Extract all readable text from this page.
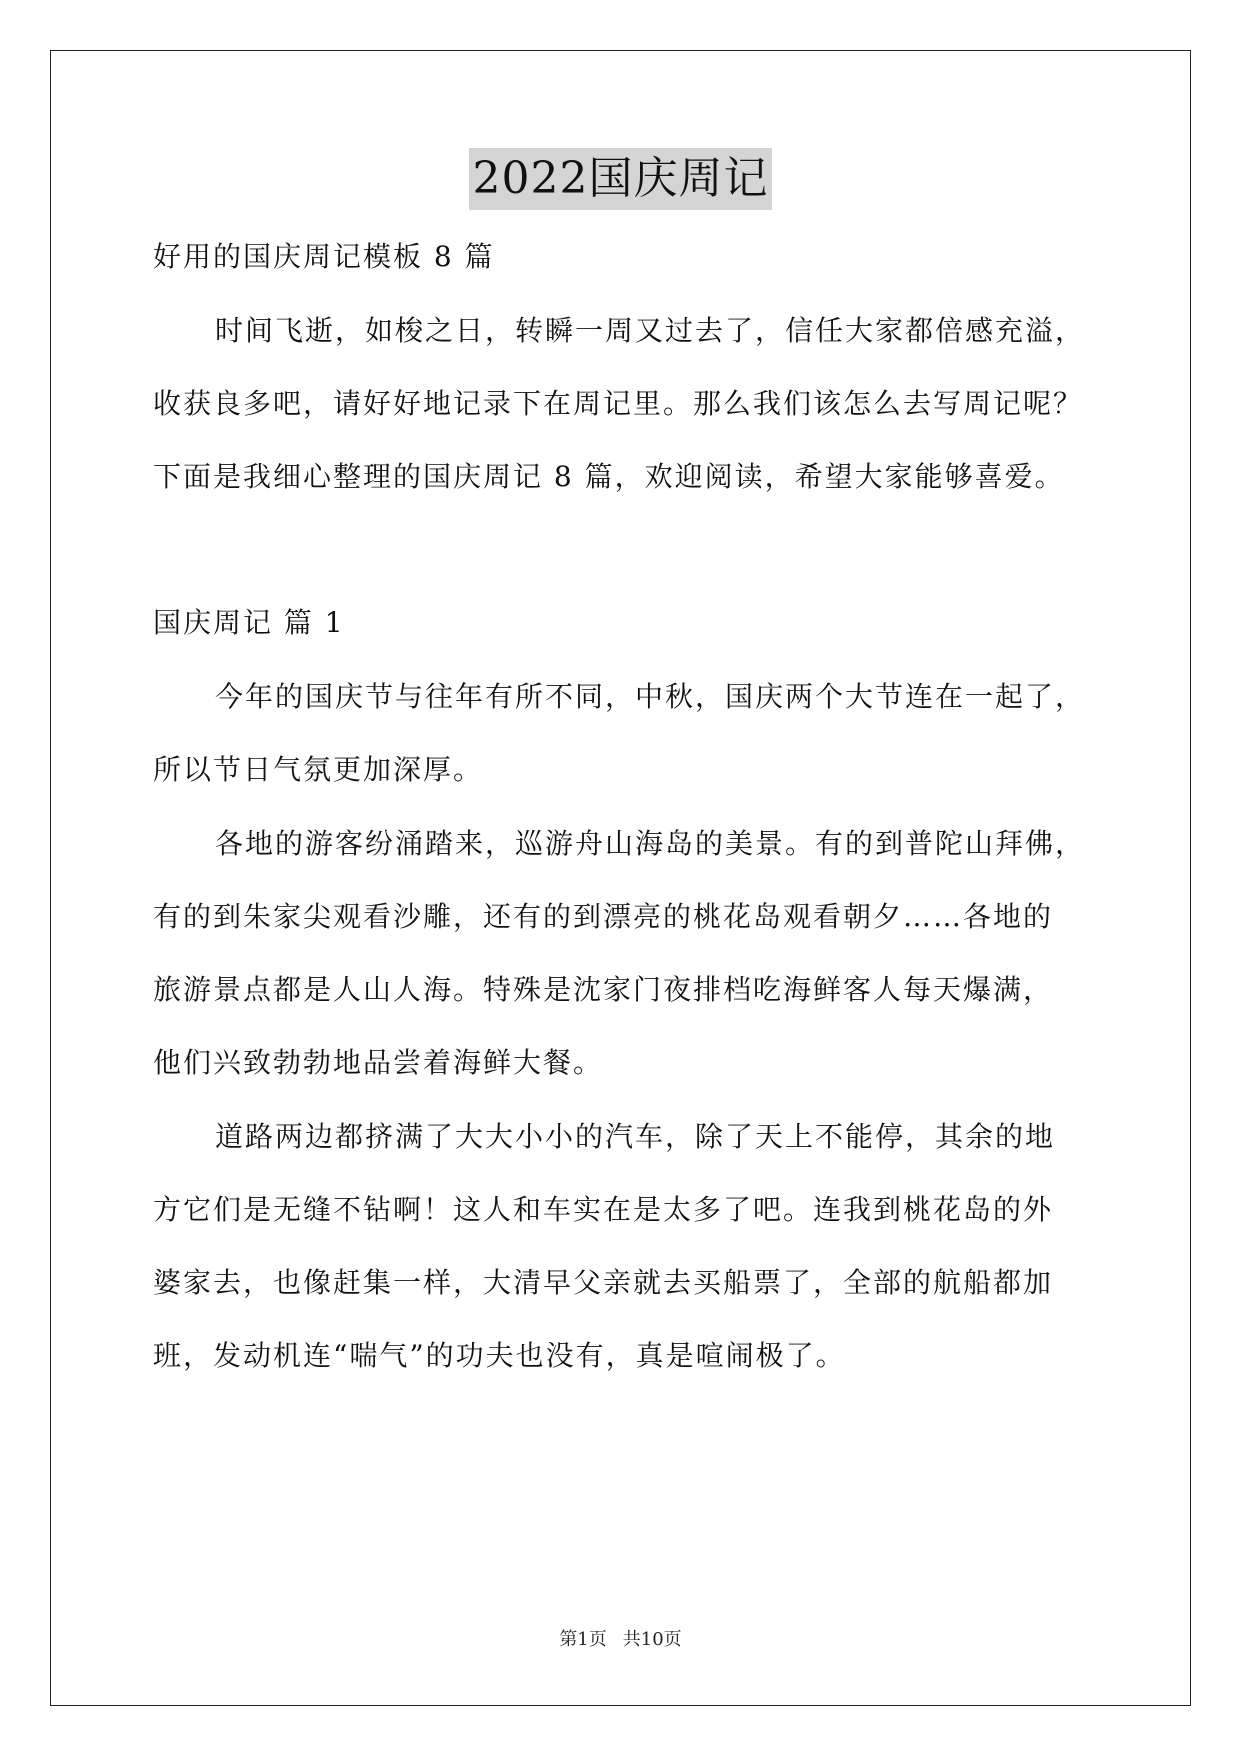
2022国庆周记
好用的国庆周记模板 8 篇
时间飞逝，如梭之日，转瞬一周又过去了，信任大家都倍感充溢，
收获良多吧，请好好地记录下在周记里。那么我们该怎么去写周记呢？
下面是我细心整理的国庆周记 8 篇，欢迎阅读，希望大家能够喜爱。
国庆周记 篇 1
今年的国庆节与往年有所不同，中秋，国庆两个大节连在一起了，
所以节日气氛更加深厚。
各地的游客纷涌踏来，巡游舟山海岛的美景。有的到普陀山拜佛，
有的到朱家尖观看沙雕，还有的到漂亮的桃花岛观看朝夕……各地的
旅游景点都是人山人海。特殊是沈家门夜排档吃海鲜客人每天爆满，
他们兴致勃勃地品尝着海鲜大餐。
道路两边都挤满了大大小小的汽车，除了天上不能停，其余的地
方它们是无缝不钻啊！这人和车实在是太多了吧。连我到桃花岛的外
婆家去，也像赶集一样，大清早父亲就去买船票了，全部的航船都加
班，发动机连“喘气”的功夫也没有，真是喧闹极了。
第1页 共10页
